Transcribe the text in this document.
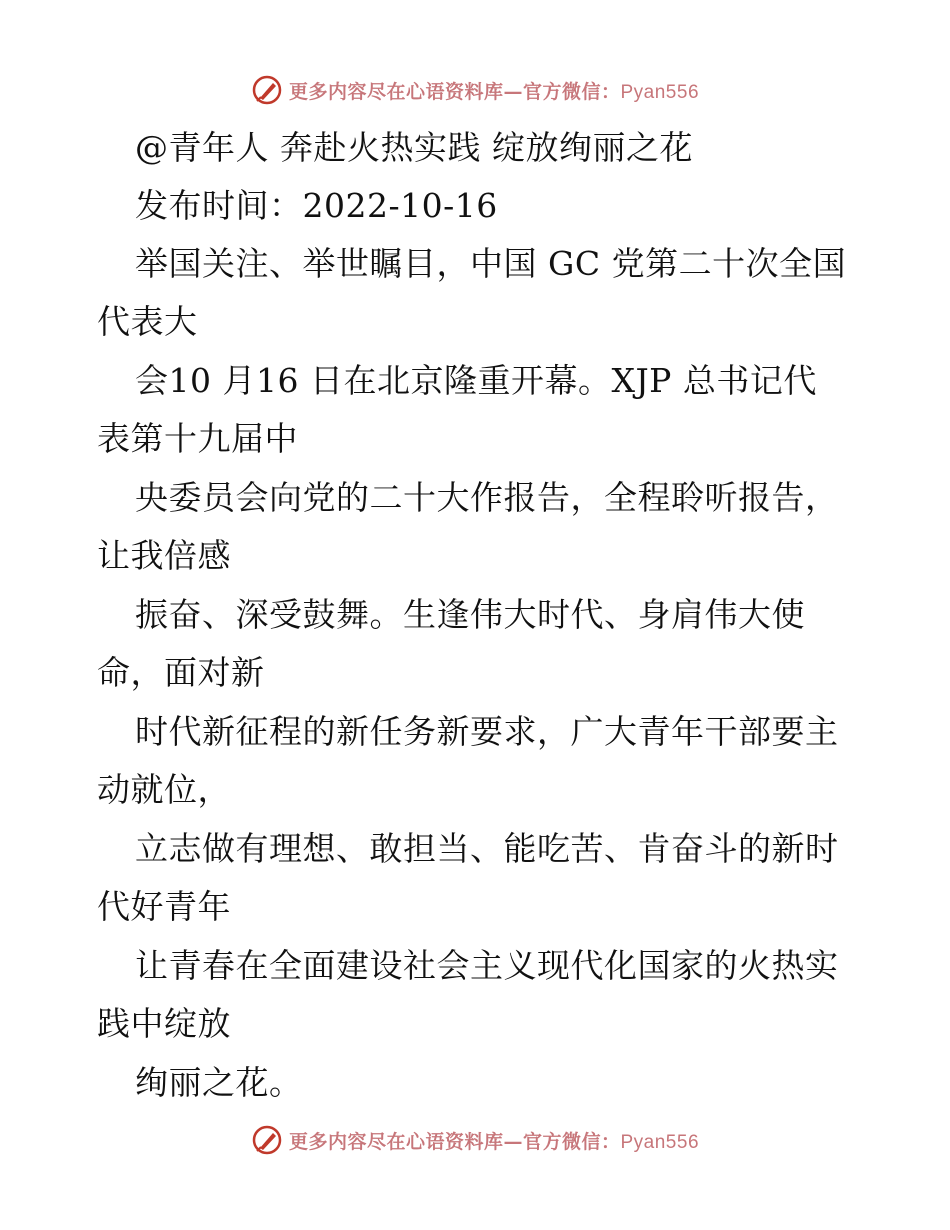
更多内容尽在心语资料库—官方微信：Pyan556
@青年人 奔赴火热实践 绽放绚丽之花
发布时间：2022-10-16
举国关注、举世瞩目，中国 GC 党第二十次全国
代表大
会10 月16 日在北京隆重开幕。XJP 总书记代
表第十九届中
央委员会向党的二十大作报告，全程聆听报告，
让我倍感
振奋、深受鼓舞。生逢伟大时代、身肩伟大使
命，面对新
时代新征程的新任务新要求，广大青年干部要主
动就位，
立志做有理想、敢担当、能吃苦、肯奋斗的新时
代好青年
让青春在全面建设社会主义现代化国家的火热实
践中绽放
绚丽之花。
更多内容尽在心语资料库—官方微信：Pyan556
